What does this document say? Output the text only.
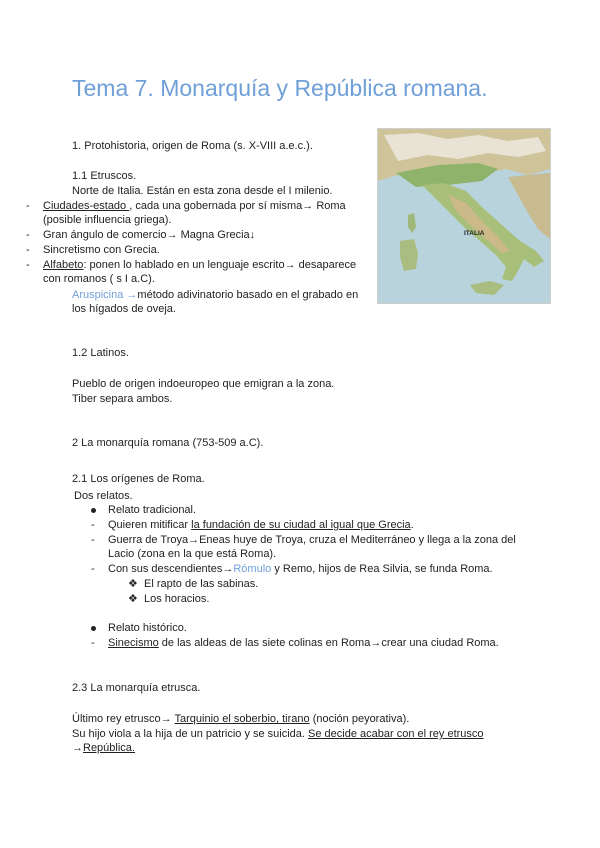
Tema 7. Monarquía y República romana.
ITALIA
1. Protohistoria, origen de Roma (s. X-VIII a.e.c.).
1.1 Etruscos.
Norte de Italia. Están en esta zona desde el I milenio.
- Ciudades-estado , cada una gobernada por sí misma→ Roma
(posible influencia griega).
- Gran ángulo de comercio→ Magna Grecia↓
- Sincretismo con Grecia.
- Alfabeto: ponen lo hablado en un lenguaje escrito→ desaparece
con romanos ( s I a.C).
Aruspicina →método adivinatorio basado en el grabado en
los hígados de oveja.
1.2 Latinos.
Pueblo de origen indoeuropeo que emigran a la zona.
Tiber separa ambos.
2 La monarquía romana (753-509 a.C).
2.1 Los orígenes de Roma.
Dos relatos.
Relato tradicional.
- Quieren mitificar la fundación de su ciudad al igual que Grecia.
- Guerra de Troya→Eneas huye de Troya, cruza el Mediterráneo y llega a la zona del
Lacio (zona en la que está Roma).
- Con sus descendientes→Rómulo y Remo, hijos de Rea Silvia, se funda Roma.
❖ El rapto de las sabinas.
❖ Los horacios.
Relato histórico.
- Sinecismo de las aldeas de las siete colinas en Roma→crear una ciudad Roma.
2.3 La monarquía etrusca.
Último rey etrusco→ Tarquinio el soberbio, tirano (noción peyorativa).
Su hijo viola a la hija de un patricio y se suicida. Se decide acabar con el rey etrusco
→República.
